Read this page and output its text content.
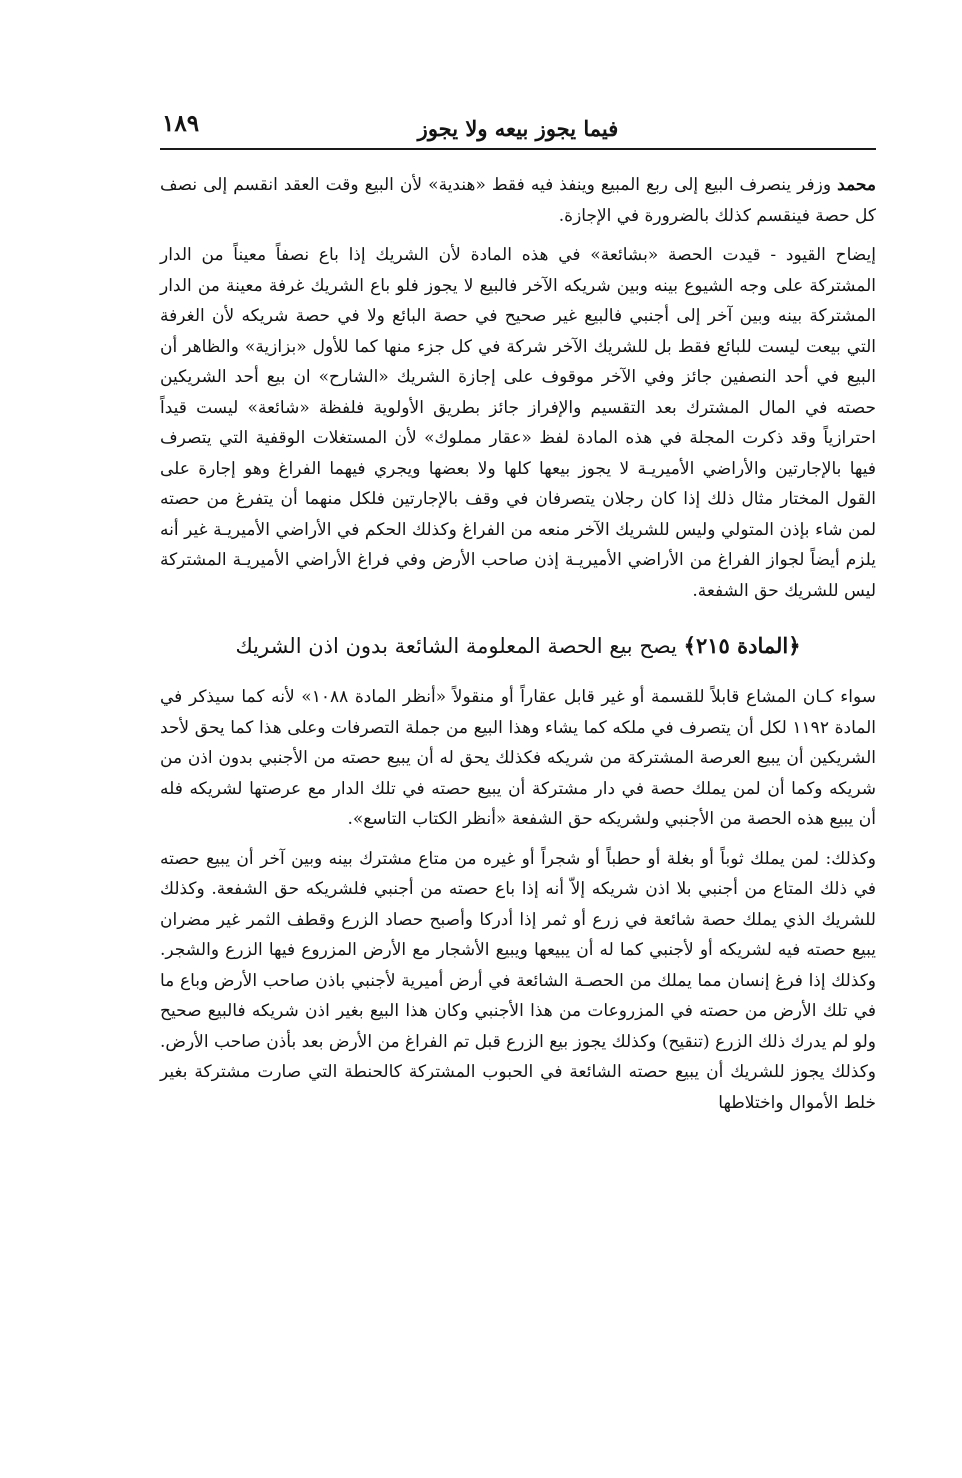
فيما يجوز بيعه ولا يجوز
١٨٩

محمد وزفر ينصرف البيع إلى ربع المبيع وينفذ فيه فقط «هندية» لأن البيع وقت العقد انقسم إلى نصف كل حصة فينقسم كذلك بالضرورة في الإجازة.

إيضاح القيود - قيدت الحصة «بشائعة» في هذه المادة لأن الشريك إذا باع نصفاً معيناً من الدار المشتركة على وجه الشيوع بينه وبين شريكه الآخر فالبيع لا يجوز فلو باع الشريك غرفة معينة من الدار المشتركة بينه وبين آخر إلى أجنبي فالبيع غير صحيح في حصة البائع ولا في حصة شريكه لأن الغرفة التي بيعت ليست للبائع فقط بل للشريك الآخر شركة في كل جزء منها كما للأول «بزازية» والظاهر أن البيع في أحد النصفين جائز وفي الآخر موقوف على إجازة الشريك «الشارح» ان بيع أحد الشريكين حصته في المال المشترك بعد التقسيم والإفراز جائز بطريق الأولوية فلفظة «شائعة» ليست قيداً احترازياً وقد ذكرت المجلة في هذه المادة لفظ «عقار مملوك» لأن المستغلات الوقفية التي يتصرف فيها بالإجارتين والأراضي الأميريـة لا يجوز بيعها كلها ولا بعضها ويجري فيهما الفراغ وهو إجارة على القول المختار مثال ذلك إذا كان رجلان يتصرفان في وقف بالإجارتين فلكل منهما أن يتفرغ من حصته لمن شاء بإذن المتولي وليس للشريك الآخر منعه من الفراغ وكذلك الحكم في الأراضي الأميريـة غير أنه يلزم أيضاً لجواز الفراغ من الأراضي الأميريـة إذن صاحب الأرض وفي فراغ الأراضي الأميريـة المشتركة ليس للشريك حق الشفعة.

﴿المادة ٢١٥﴾ يصح بيع الحصة المعلومة الشائعة بدون اذن الشريك

سواء كـان المشاع قابلاً للقسمة أو غير قابل عقاراً أو منقولاً «أنظر المادة ١٠٨٨» لأنه كما سيذكر في المادة ١١٩٢ لكل أن يتصرف في ملكه كما يشاء وهذا البيع من جملة التصرفات وعلى هذا كما يحق لأحد الشريكين أن يبيع العرصة المشتركة من شريكه فكذلك يحق له أن يبيع حصته من الأجنبي بدون اذن من شريكه وكما أن لمن يملك حصة في دار مشتركة أن يبيع حصته في تلك الدار مع عرصتها لشريكه فله أن يبيع هذه الحصة من الأجنبي ولشريكه حق الشفعة «أنظر الكتاب التاسع».

وكذلك: لمن يملك ثوباً أو بغلة أو حطباً أو شجراً أو غيره من متاع مشترك بينه وبين آخر أن يبيع حصته في ذلك المتاع من أجنبي بلا اذن شريكه إلاّ أنه إذا باع حصته من أجنبي فلشريكه حق الشفعة. وكذلك للشريك الذي يملك حصة شائعة في زرع أو ثمر إذا أدركا وأصبح حصاد الزرع وقطف الثمر غير مضران يبيع حصته فيه لشريكه أو لأجنبي كما له أن يبيعها ويبيع الأشجار مع الأرض المزروع فيها الزرع والشجر. وكذلك إذا فرغ إنسان مما يملك من الحصـة الشائعة في أرض أميرية لأجنبي باذن صاحب الأرض وباع ما في تلك الأرض من حصته في المزروعات من هذا الأجنبي وكان هذا البيع بغير اذن شريكه فالبيع صحيح ولو لم يدرك ذلك الزرع (تنقيح) وكذلك يجوز بيع الزرع قبل تم الفراغ من الأرض بعد بأذن صاحب الأرض. وكذلك يجوز للشريك أن يبيع حصته الشائعة في الحبوب المشتركة كالحنطة التي صارت مشتركة بغير خلط الأموال واختلاطها
